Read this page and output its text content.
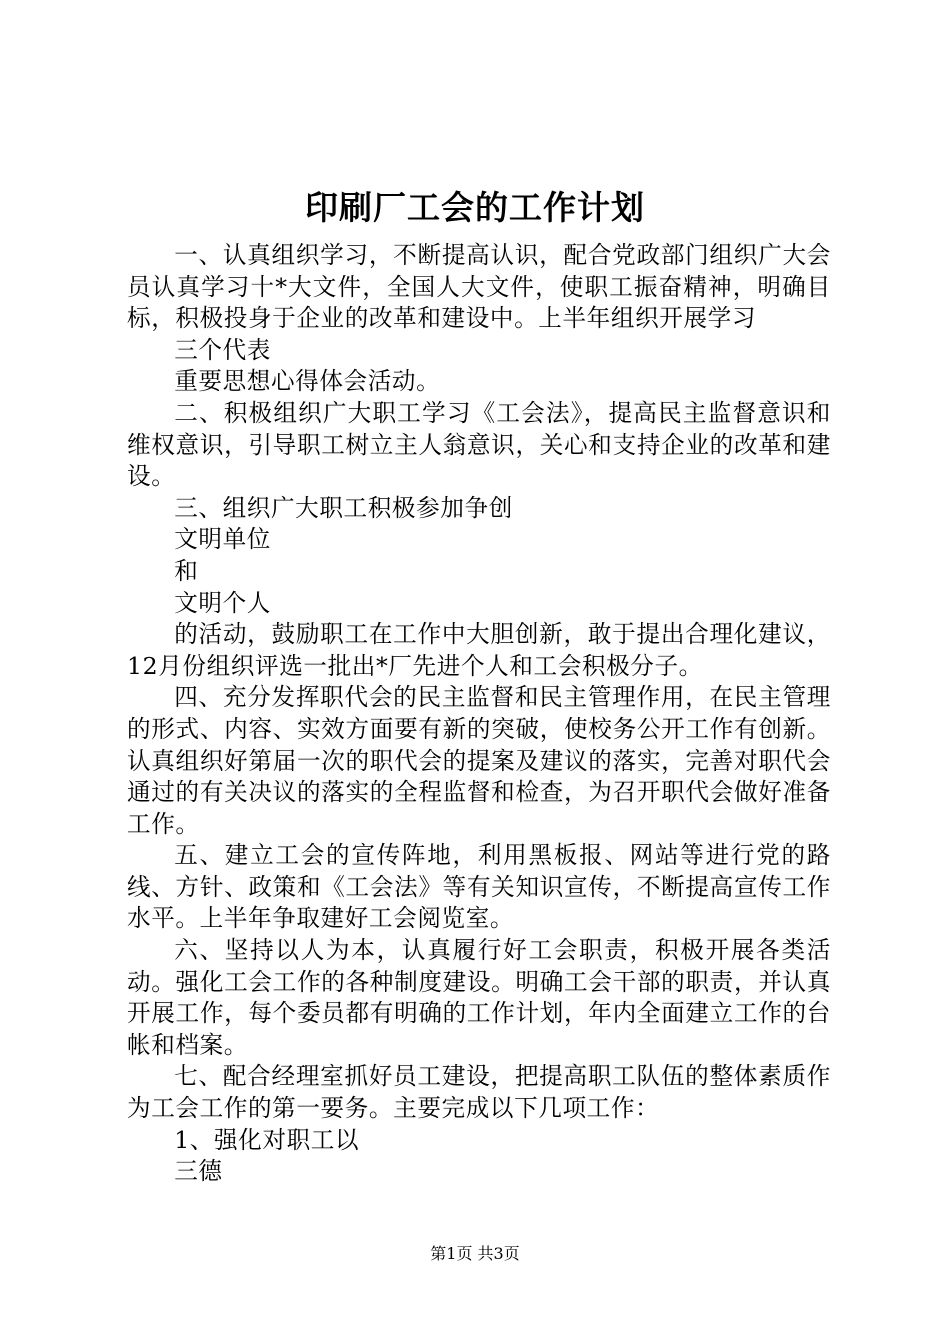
印刷厂工会的工作计划

一、认真组织学习，不断提高认识，配合党政部门组织广大会员认真学习十*大文件，全国人大文件，使职工振奋精神，明确目标，积极投身于企业的改革和建设中。上半年组织开展学习

三个代表

重要思想心得体会活动。

二、积极组织广大职工学习《工会法》，提高民主监督意识和维权意识，引导职工树立主人翁意识，关心和支持企业的改革和建设。

三、组织广大职工积极参加争创

文明单位

和

文明个人

的活动，鼓励职工在工作中大胆创新，敢于提出合理化建议，12月份组织评选一批出*厂先进个人和工会积极分子。

四、充分发挥职代会的民主监督和民主管理作用，在民主管理的形式、内容、实效方面要有新的突破，使校务公开工作有创新。认真组织好第届一次的职代会的提案及建议的落实，完善对职代会通过的有关决议的落实的全程监督和检查，为召开职代会做好准备工作。

五、建立工会的宣传阵地，利用黑板报、网站等进行党的路线、方针、政策和《工会法》等有关知识宣传，不断提高宣传工作水平。上半年争取建好工会阅览室。

六、坚持以人为本，认真履行好工会职责，积极开展各类活动。强化工会工作的各种制度建设。明确工会干部的职责，并认真开展工作，每个委员都有明确的工作计划，年内全面建立工作的台帐和档案。

七、配合经理室抓好员工建设，把提高职工队伍的整体素质作为工会工作的第一要务。主要完成以下几项工作：

1、强化对职工以

三德

第1页 共3页
